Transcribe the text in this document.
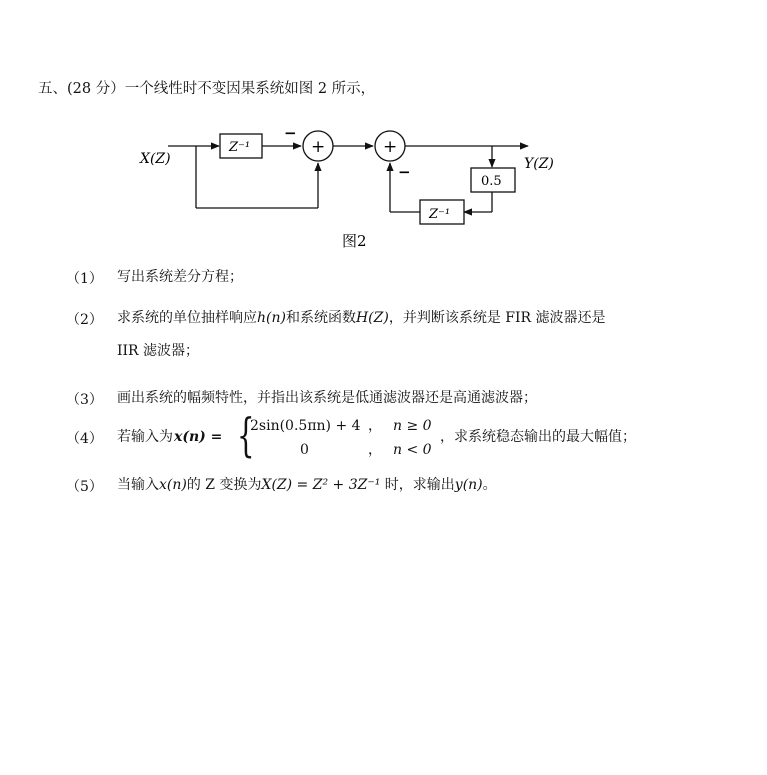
五、(28 分）一个线性时不变因果系统如图 2 所示，
X(Z)	Y(Z)
Z⁻¹
Z⁻¹
0.5
+	+
−
−
图2
（1） 写出系统差分方程；
（2） 求系统的单位抽样响应h(n)和系统函数H(Z)，并判断该系统是 FIR 滤波器还是
IIR 滤波器；
（3） 画出系统的幅频特性，并指出该系统是低通滤波器还是高通滤波器；
（4） 若输入为 x(n) = {
2sin(0.5πn) + 4 ， n ≥ 0
0	， n < 0
，求系统稳态输出的最大幅值；
（5） 当输入x(n)的 Z 变换为X(Z) = Z² + 3Z⁻¹ 时，求输出y(n)。
